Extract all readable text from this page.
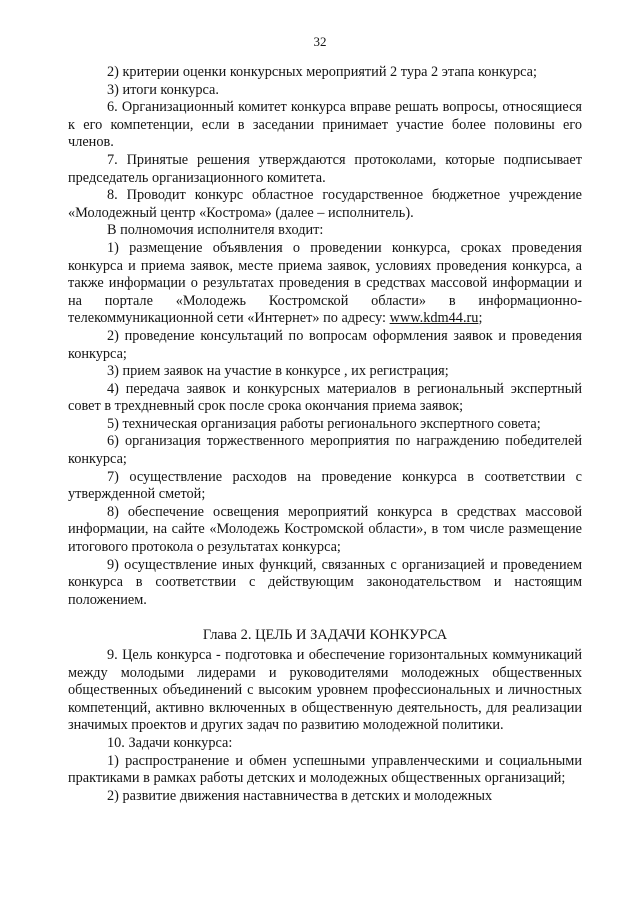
32

2) критерии оценки конкурсных мероприятий 2 тура 2 этапа конкурса;

3) итоги конкурса.

6. Организационный комитет конкурса вправе решать вопросы, относящиеся к его компетенции, если в заседании принимает участие более половины его членов.

7. Принятые решения утверждаются протоколами, которые подписывает председатель организационного комитета.

8. Проводит конкурс областное государственное бюджетное учреждение «Молодежный центр «Кострома» (далее – исполнитель).

В полномочия исполнителя входит:

1) размещение объявления о проведении конкурса, сроках проведения конкурса и приема заявок, месте приема заявок, условиях проведения конкурса, а также информации о результатах проведения в средствах массовой информации и на портале «Молодежь Костромской области» в информационно-телекоммуникационной сети «Интернет» по адресу: www.kdm44.ru;

2) проведение консультаций по вопросам оформления заявок и проведения конкурса;

3) прием заявок на участие в конкурсе , их регистрация;

4) передача заявок и конкурсных материалов в региональный экспертный совет в трехдневный срок после срока окончания приема заявок;

5) техническая организация работы регионального экспертного совета;

6) организация торжественного мероприятия по награждению победителей конкурса;

7) осуществление расходов на проведение конкурса в соответствии с утвержденной сметой;

8) обеспечение освещения мероприятий конкурса в средствах массовой информации, на сайте «Молодежь Костромской области», в том числе размещение итогового протокола о результатах конкурса;

9) осуществление иных функций, связанных с организацией и проведением конкурса в соответствии с действующим законодательством и настоящим положением.

Глава 2. ЦЕЛЬ И ЗАДАЧИ КОНКУРСА

9. Цель конкурса - подготовка и обеспечение горизонтальных коммуникаций между молодыми лидерами и руководителями молодежных общественных общественных объединений с высоким уровнем профессиональных и личностных компетенций, активно включенных в общественную деятельность, для реализации значимых проектов и других задач по развитию молодежной политики.

10. Задачи конкурса:

1) распространение и обмен успешными управленческими и социальными практиками в рамках работы детских и молодежных общественных организаций;

2) развитие движения наставничества в детских и молодежных
